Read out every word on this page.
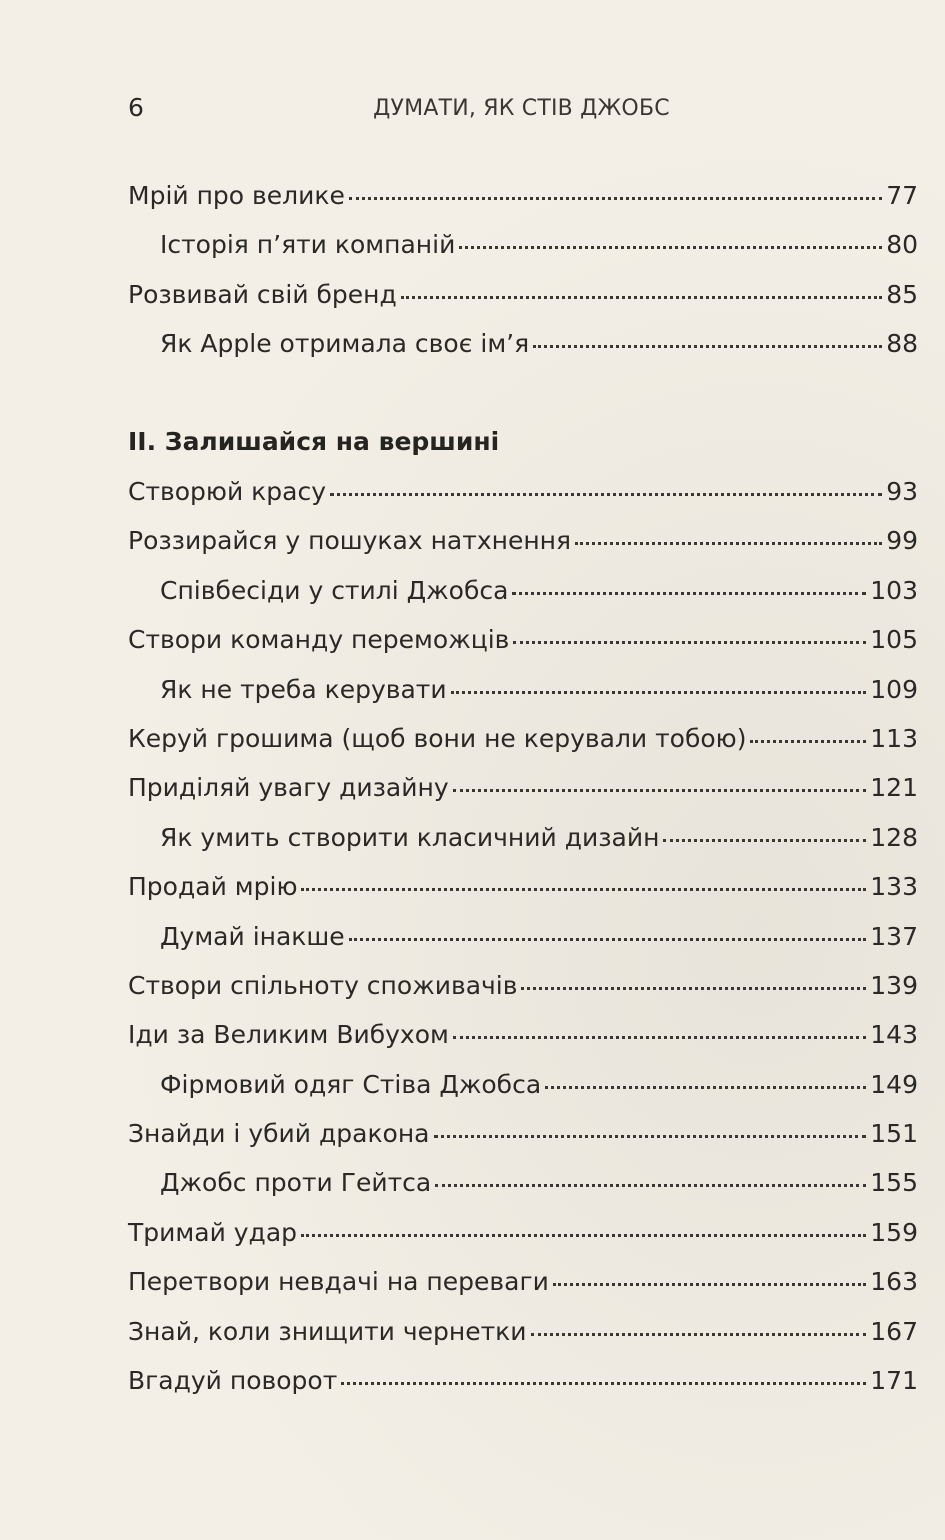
6	ДУМАТИ, ЯК СТІВ ДЖОБС
Мрій про велике	77
Історія п’яти компаній	80
Розвивай свій бренд	85
Як Apple отримала своє ім’я	88
II. Залишайся на вершині
Створюй красу	93
Роззирайся у пошуках натхнення	99
Співбесіди у стилі Джобса	103
Створи команду переможців	105
Як не треба керувати	109
Керуй грошима (щоб вони не керували тобою)	113
Приділяй увагу дизайну	121
Як умить створити класичний дизайн	128
Продай мрію	133
Думай інакше	137
Створи спільноту споживачів	139
Іди за Великим Вибухом	143
Фірмовий одяг Стіва Джобса	149
Знайди і убий дракона	151
Джобс проти Гейтса	155
Тримай удар	159
Перетвори невдачі на переваги	163
Знай, коли знищити чернетки	167
Вгадуй поворот	171
